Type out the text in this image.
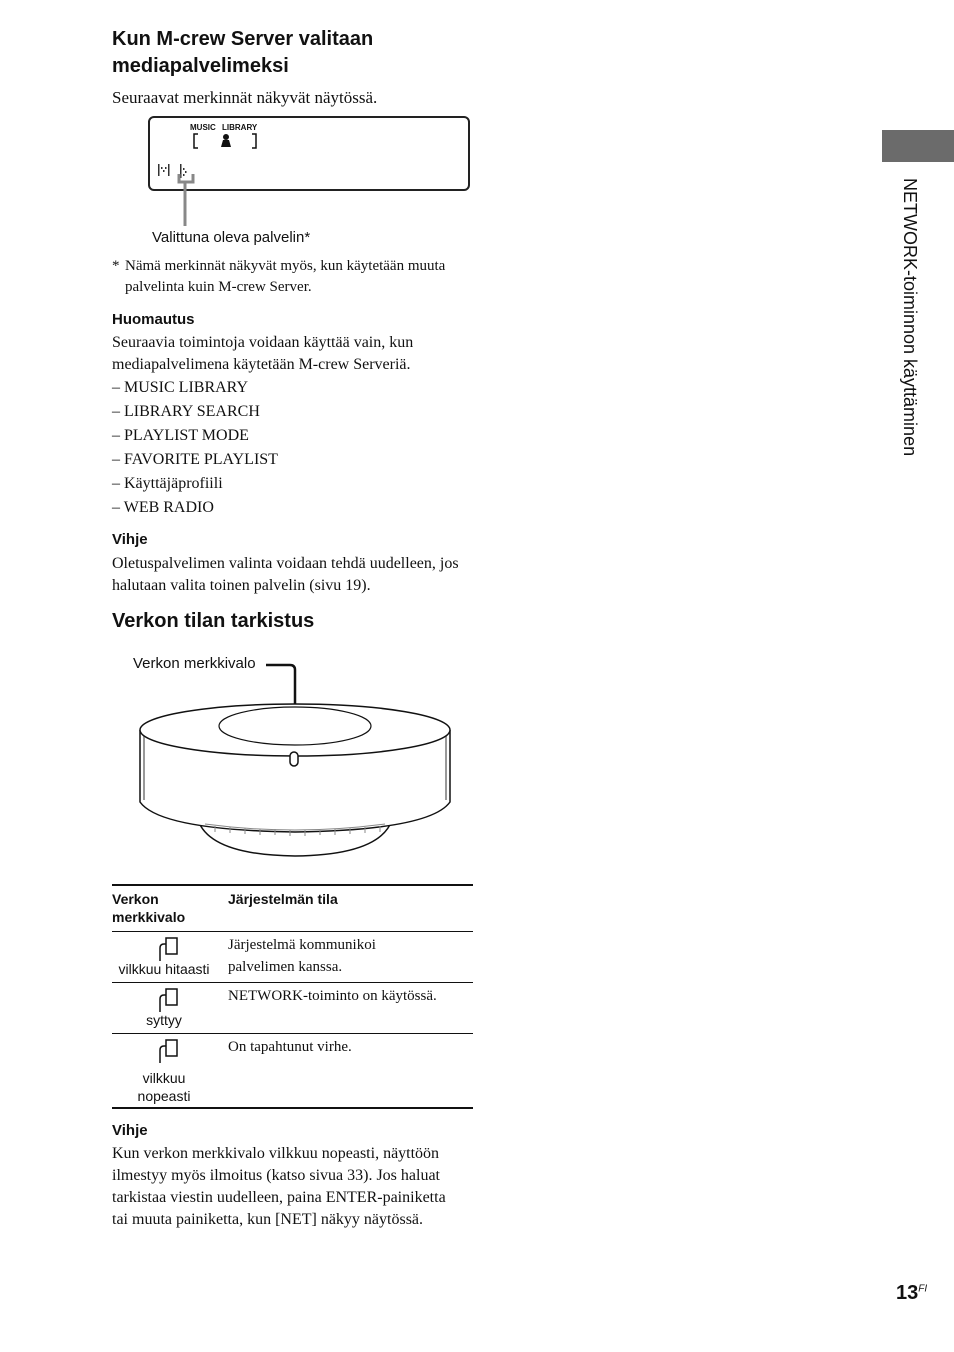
Kun M-crew Server valitaan
mediapalvelimeksi
Seuraavat merkinnät näkyvät näytössä.
MUSIC LIBRARY
Valittuna oleva palvelin*
* Nämä merkinnät näkyvät myös, kun käytetään muuta
palvelinta kuin M-crew Server.
Huomautus
Seuraavia toimintoja voidaan käyttää vain, kun
mediapalvelimena käytetään M-crew Serveriä.
– MUSIC LIBRARY
– LIBRARY SEARCH
– PLAYLIST MODE
– FAVORITE PLAYLIST
– Käyttäjäprofiili
– WEB RADIO
Vihje
Oletuspalvelimen valinta voidaan tehdä uudelleen, jos
halutaan valita toinen palvelin (sivu 19).
Verkon tilan tarkistus
Verkon merkkivalo
Verkon
merkkivalo	Järjestelmän tila

vilkkuu hitaasti	Järjestelmä kommunikoi
palvelimen kanssa.

syttyy	NETWORK-toiminto on käytössä.

vilkkuu
nopeasti	On tapahtunut virhe.
Vihje
Kun verkon merkkivalo vilkkuu nopeasti, näyttöön
ilmestyy myös ilmoitus (katso sivua 33). Jos haluat
tarkistaa viestin uudelleen, paina ENTER-painiketta
tai muuta painiketta, kun [NET] näkyy näytössä.
NETWORK-toiminnon käyttäminen
$13^{FI}$
